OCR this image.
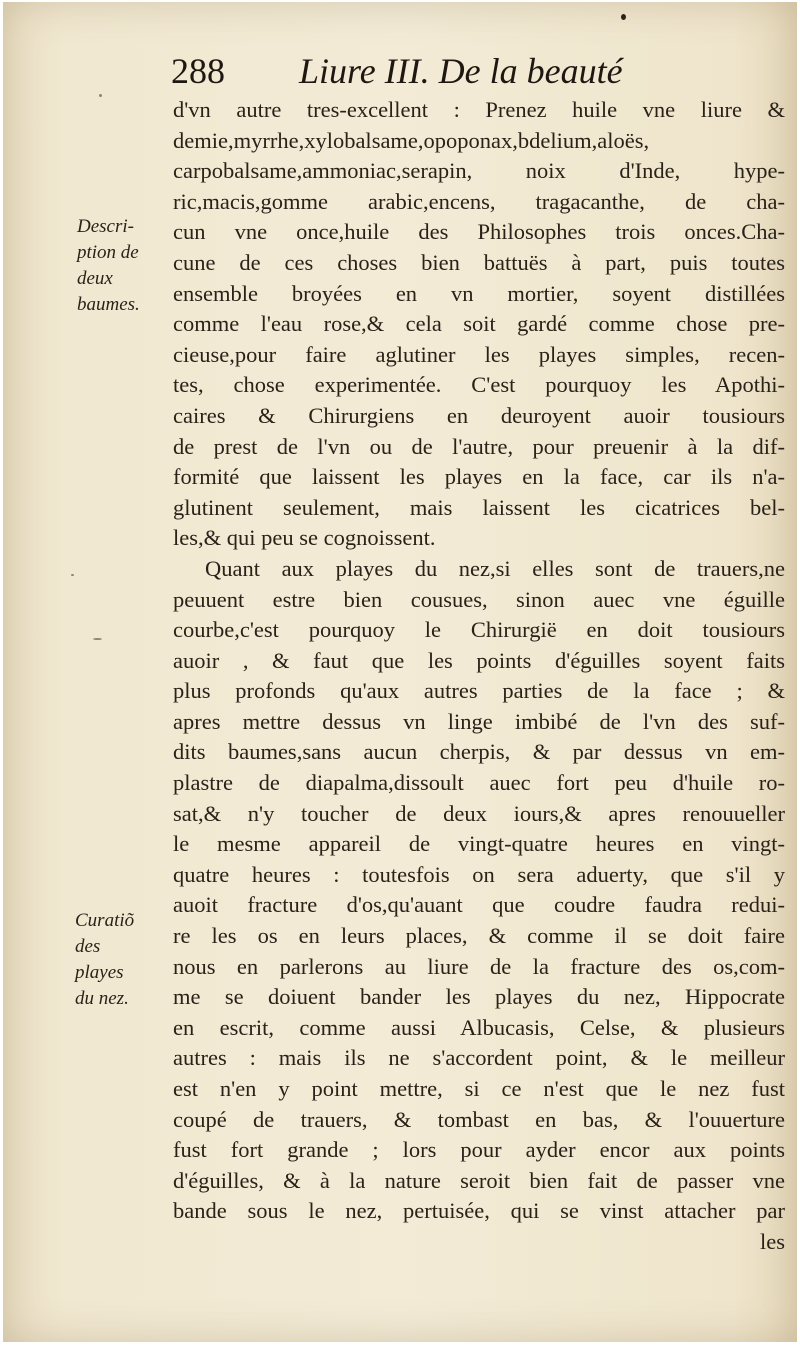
288 Liure III. De la beauté
Descri-
ption de
deux
baumes.
Curatiõ
des
playes
du nez.
d'vn autre tres-excellent : Prenez huile vne liure &
demie,myrrhe,xylobalsame,opoponax,bdelium,aloës,
carpobalsame,ammoniac,serapin, noix d'Inde, hype-
ric,macis,gomme arabic,encens, tragacanthe, de cha-
cun vne once,huile des Philosophes trois onces.Cha-
cune de ces choses bien battuës à part, puis toutes
ensemble broyées en vn mortier, soyent distillées
comme l'eau rose,& cela soit gardé comme chose pre-
cieuse,pour faire aglutiner les playes simples, recen-
tes, chose experimentée. C'est pourquoy les Apothi-
caires & Chirurgiens en deuroyent auoir tousiours
de prest de l'vn ou de l'autre, pour preuenir à la dif-
formité que laissent les playes en la face, car ils n'a-
glutinent seulement, mais laissent les cicatrices bel-
les,& qui peu se cognoissent.
Quant aux playes du nez,si elles sont de trauers,ne
peuuent estre bien cousues, sinon auec vne éguille
courbe,c'est pourquoy le Chirurgië en doit tousiours
auoir , & faut que les points d'éguilles soyent faits
plus profonds qu'aux autres parties de la face ; &
apres mettre dessus vn linge imbibé de l'vn des suf-
dits baumes,sans aucun cherpis, & par dessus vn em-
plastre de diapalma,dissoult auec fort peu d'huile ro-
sat,& n'y toucher de deux iours,& apres renouueller
le mesme appareil de vingt-quatre heures en vingt-
quatre heures : toutesfois on sera aduerty, que s'il y
auoit fracture d'os,qu'auant que coudre faudra redui-
re les os en leurs places, & comme il se doit faire
nous en parlerons au liure de la fracture des os,com-
me se doiuent bander les playes du nez, Hippocrate
en escrit, comme aussi Albucasis, Celse, & plusieurs
autres : mais ils ne s'accordent point, & le meilleur
est n'en y point mettre, si ce n'est que le nez fust
coupé de trauers, & tombast en bas, & l'ouuerture
fust fort grande ; lors pour ayder encor aux points
d'éguilles, & à la nature seroit bien fait de passer vne
bande sous le nez, pertuisée, qui se vinst attacher par
les
